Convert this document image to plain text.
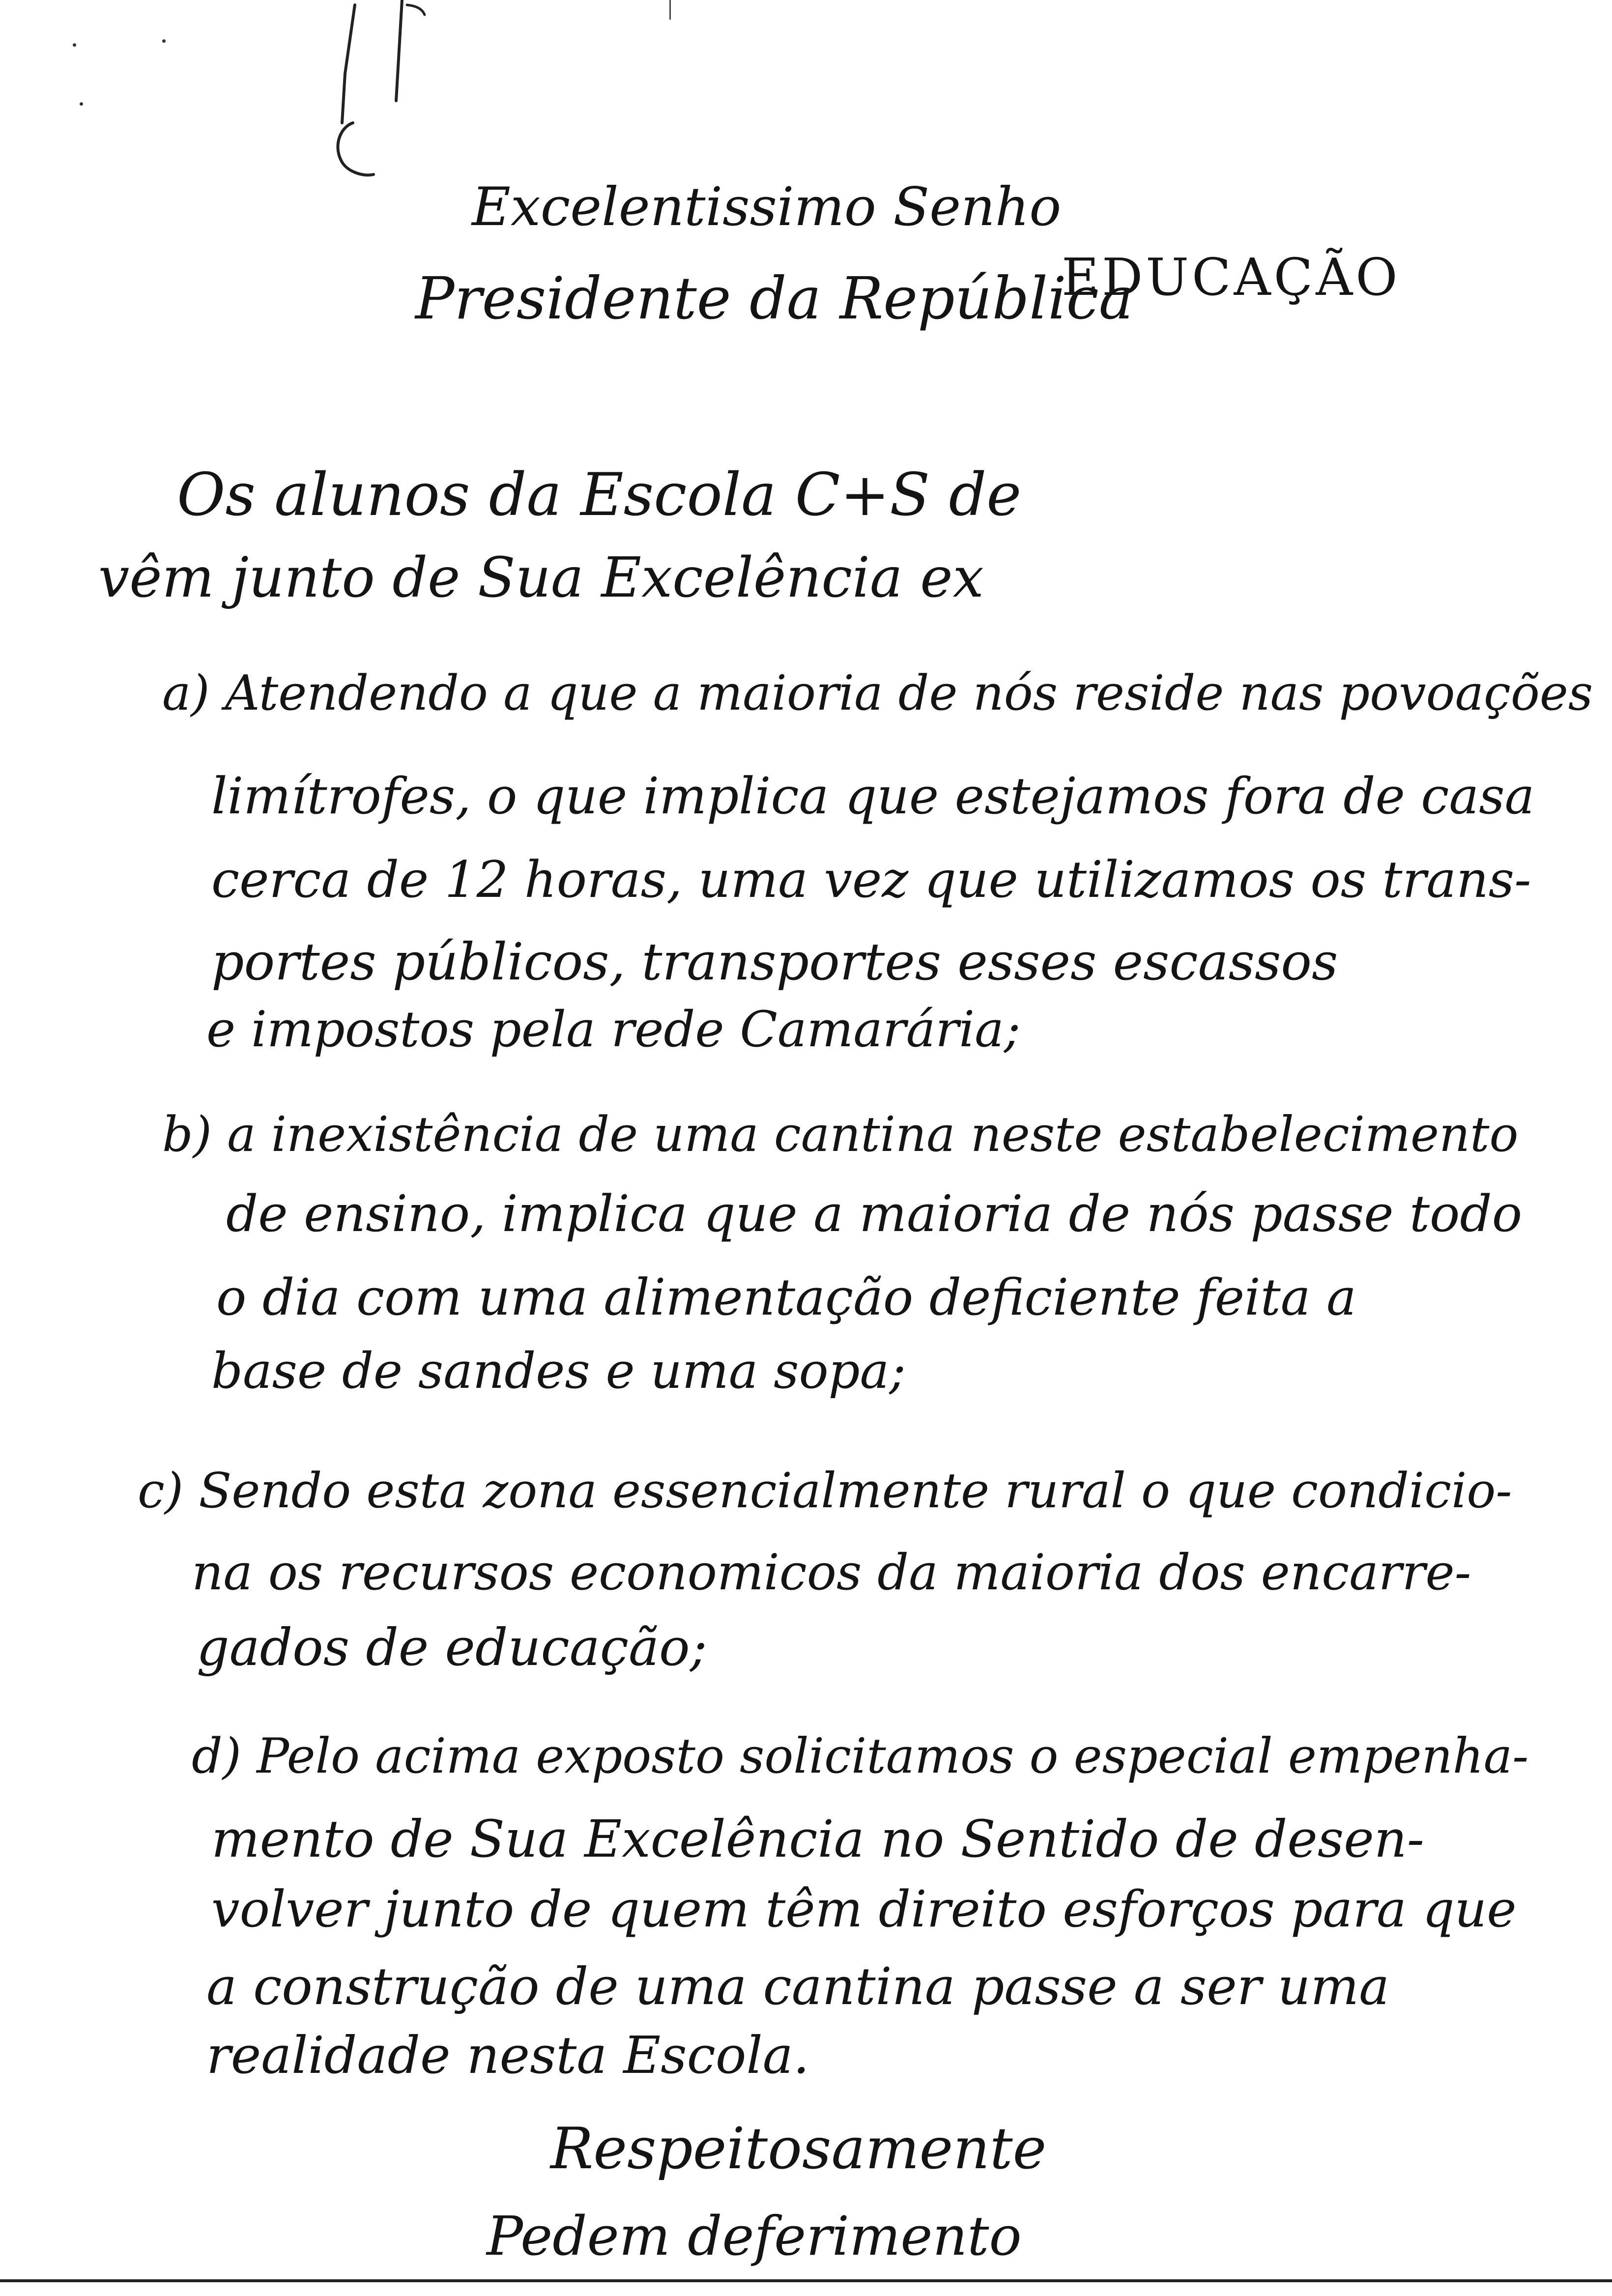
Excelentissimo Senho
Presidente da República
EDUCAÇÃO
Os alunos da Escola C+S de
vêm junto de Sua Excelência ex
a) Atendendo a que a maioria de nós reside nas povoações
limítrofes, o que implica que estejamos fora de casa
cerca de 12 horas, uma vez que utilizamos os trans-
portes públicos, transportes esses escassos
e impostos pela rede Camarária;
b) a inexistência de uma cantina neste estabelecimento
de ensino, implica que a maioria de nós passe todo
o dia com uma alimentação deficiente feita a
base de sandes e uma sopa;
c) Sendo esta zona essencialmente rural o que condicio-
na os recursos economicos da maioria dos encarre-
gados de educação;
d) Pelo acima exposto solicitamos o especial empenha-
mento de Sua Excelência no Sentido de desen-
volver junto de quem têm direito esforços para que
a construção de uma cantina passe a ser uma
realidade nesta Escola.
Respeitosamente
Pedem deferimento
